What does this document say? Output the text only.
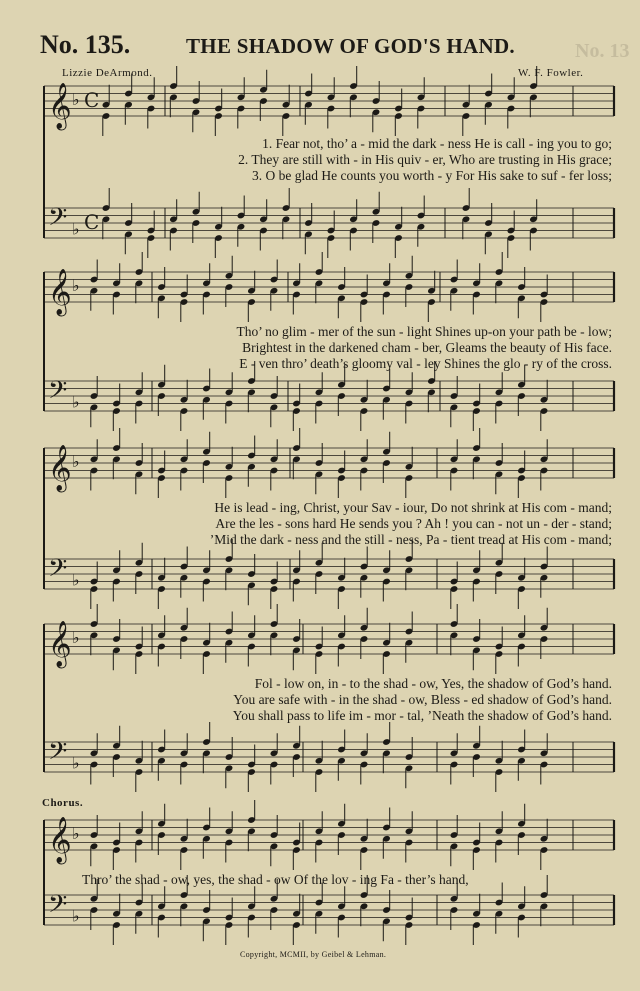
No. 135.	THE SHADOW OF GOD'S HAND.
Lizzie DeArmond.	W. F. Fowler.
No. 13
𝄞 ♭ C
𝄢 ♭ C
𝄞 ♭
𝄢 ♭
𝄞 ♭
𝄢 ♭
𝄞 ♭
𝄢 ♭
𝄞 ♭
𝄢 ♭
1. Fear not, tho’ a - mid the dark - ness He is call - ing you to go;
2. They are still with - in His quiv - er, Who are trusting in His grace;
3. O be glad He counts you worth - y For His sake to suf - fer loss;
Tho’ no glim - mer of the sun - light Shines up-on your path be - low;
Brightest in the darkened cham - ber, Gleams the beauty of His face.
E - ven thro’ death’s gloomy val - ley Shines the glo - ry of the cross.
He is lead - ing, Christ, your Sav - iour, Do not shrink at His com - mand;
Are the les - sons hard He sends you ? Ah ! you can - not un - der - stand;
’Mid the dark - ness and the still - ness, Pa - tient tread at His com - mand;
Fol - low on, in - to the shad - ow, Yes, the shadow of God’s hand.
You are safe with - in the shad - ow, Bless - ed shadow of God’s hand.
You shall pass to life im - mor - tal, ’Neath the shadow of God’s hand.
Chorus.
Thro’ the shad - ow, yes, the shad - ow Of the lov - ing Fa - ther’s hand,
Copyright, MCMII, by Geibel & Lehman.
